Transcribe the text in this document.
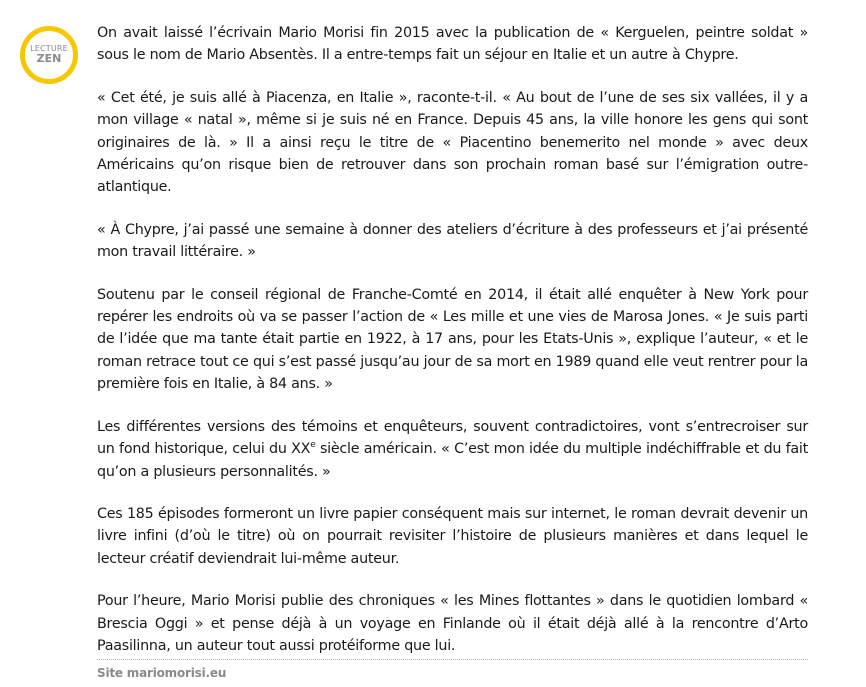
LECTURE
ZEN

On avait laissé l’écrivain Mario Morisi fin 2015 avec la publication de « Kerguelen, peintre soldat » sous le nom de Mario Absentès. Il a entre-temps fait un séjour en Italie et un autre à Chypre.

« Cet été, je suis allé à Piacenza, en Italie », raconte-t-il. « Au bout de l’une de ses six vallées, il y a mon village « natal », même si je suis né en France. Depuis 45 ans, la ville honore les gens qui sont originaires de là. » Il a ainsi reçu le titre de « Piacentino benemerito nel monde » avec deux Américains qu’on risque bien de retrouver dans son prochain roman basé sur l’émigration outre-atlantique.

« À Chypre, j’ai passé une semaine à donner des ateliers d’écriture à des professeurs et j’ai présenté mon travail littéraire. »

Soutenu par le conseil régional de Franche-Comté en 2014, il était allé enquêter à New York pour repérer les endroits où va se passer l’action de « Les mille et une vies de Marosa Jones. « Je suis parti de l’idée que ma tante était partie en 1922, à 17 ans, pour les Etats-Unis », explique l’auteur, « et le roman retrace tout ce qui s’est passé jusqu’au jour de sa mort en 1989 quand elle veut rentrer pour la première fois en Italie, à 84 ans. »

Les différentes versions des témoins et enquêteurs, souvent contradictoires, vont s’entrecroiser sur un fond historique, celui du XXe siècle américain. « C’est mon idée du multiple indéchiffrable et du fait qu’on a plusieurs personnalités. »

Ces 185 épisodes formeront un livre papier conséquent mais sur internet, le roman devrait devenir un livre infini (d’où le titre) où on pourrait revisiter l’histoire de plusieurs manières et dans lequel le lecteur créatif deviendrait lui-même auteur.

Pour l’heure, Mario Morisi publie des chroniques « les Mines flottantes » dans le quotidien lombard « Brescia Oggi » et pense déjà à un voyage en Finlande où il était déjà allé à la rencontre d’Arto Paasilinna, un auteur tout aussi protéiforme que lui.

Site mariomorisi.eu
